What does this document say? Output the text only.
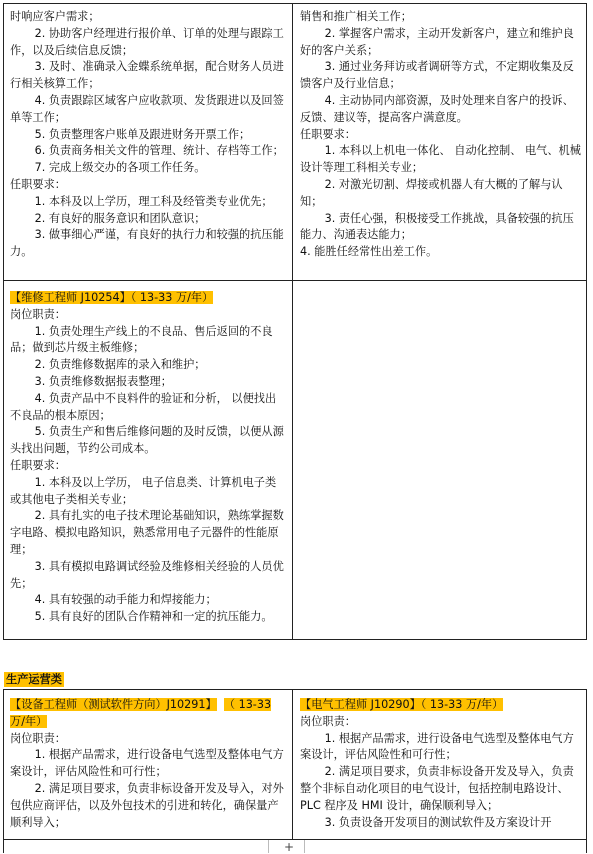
时响应客户需求；

2. 协助客户经理进行报价单、订单的处理与跟踪工作，以及后续信息反馈；

3. 及时、准确录入金蝶系统单据，配合财务人员进行相关核算工作；

4. 负责跟踪区域客户应收款项、发货跟进以及回签单等工作；

5. 负责整理客户账单及跟进财务开票工作；

6. 负责商务相关文件的管理、统计、存档等工作；

7. 完成上级交办的各项工作任务。

任职要求：

1. 本科及以上学历，理工科及经管类专业优先；

2. 有良好的服务意识和团队意识；

3. 做事细心严谨，有良好的执行力和较强的抗压能力。

销售和推广相关工作；

2. 掌握客户需求，主动开发新客户，建立和维护良好的客户关系；

3. 通过业务拜访或者调研等方式，不定期收集及反馈客户及行业信息；

4. 主动协同内部资源，及时处理来自客户的投诉、反馈、建议等，提高客户满意度。

任职要求：

1. 本科以上机电一体化、 自动化控制、 电气、机械设计等理工科相关专业；

2. 对激光切割、焊接或机器人有大概的了解与认知；

3. 责任心强，积极接受工作挑战，具备较强的抗压能力、沟通表达能力；

4. 能胜任经常性出差工作。

【维修工程师 J10254】（ 13-33 万/年）

岗位职责：

1. 负责处理生产线上的不良品、售后返回的不良品；做到芯片级主板维修；

2. 负责维修数据库的录入和维护；

3. 负责维修数据报表整理；

4. 负责产品中不良料件的验证和分析， 以便找出不良品的根本原因；

5. 负责生产和售后维修问题的及时反馈，以便从源头找出问题，节约公司成本。

任职要求：

1. 本科及以上学历， 电子信息类、计算机电子类或其他电子类相关专业；

2. 具有扎实的电子技术理论基础知识，熟练掌握数字电路、模拟电路知识，熟悉常用电子元器件的性能原理；

3. 具有模拟电路调试经验及维修相关经验的人员优先；

4. 具有较强的动手能力和焊接能力；

5. 具有良好的团队合作精神和一定的抗压能力。

生产运营类

【设备工程师（测试软件方向）J10291】 （ 13-33

万/年）

岗位职责：

1. 根据产品需求，进行设备电气选型及整体电气方案设计，评估风险性和可行性；

2. 满足项目要求，负责非标设备开发及导入，对外包供应商评估，以及外包技术的引进和转化，确保量产顺利导入；

【电气工程师 J10290】（ 13-33 万/年）

岗位职责：

1. 根据产品需求，进行设备电气选型及整体电气方案设计，评估风险性和可行性；

2. 满足项目要求，负责非标设备开发及导入，负责整个非标自动化项目的电气设计，包括控制电路设计、PLC 程序及 HMI 设计，确保顺利导入；

3. 负责设备开发项目的测试软件及方案设计开

+
